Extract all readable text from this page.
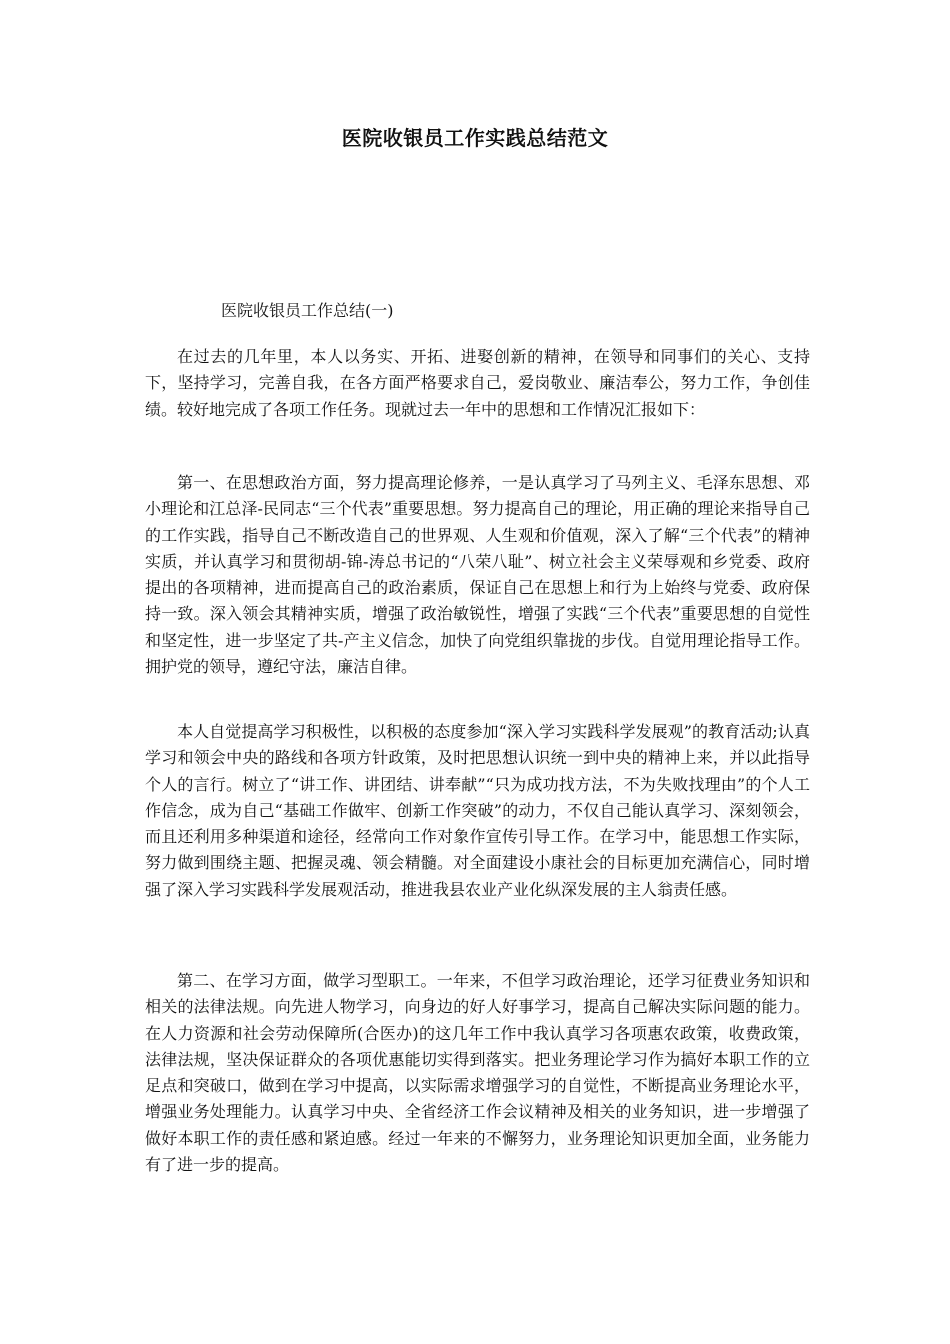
医院收银员工作实践总结范文

医院收银员工作总结(一)

在过去的几年里，本人以务实、开拓、进娶创新的精神，在领导和同事们的关心、支持下，坚持学习，完善自我，在各方面严格要求自己，爱岗敬业、廉洁奉公，努力工作，争创佳绩。较好地完成了各项工作任务。现就过去一年中的思想和工作情况汇报如下：

第一、在思想政治方面，努力提高理论修养，一是认真学习了马列主义、毛泽东思想、邓小理论和江总泽-民同志“三个代表”重要思想。努力提高自己的理论，用正确的理论来指导自己的工作实践，指导自己不断改造自己的世界观、人生观和价值观，深入了解“三个代表”的精神实质，并认真学习和贯彻胡-锦-涛总书记的“八荣八耻”、树立社会主义荣辱观和乡党委、政府提出的各项精神，进而提高自己的政治素质，保证自己在思想上和行为上始终与党委、政府保持一致。深入领会其精神实质，增强了政治敏锐性，增强了实践“三个代表”重要思想的自觉性和坚定性，进一步坚定了共-产主义信念，加快了向党组织靠拢的步伐。自觉用理论指导工作。拥护党的领导，遵纪守法，廉洁自律。

本人自觉提高学习积极性，以积极的态度参加“深入学习实践科学发展观”的教育活动;认真学习和领会中央的路线和各项方针政策，及时把思想认识统一到中央的精神上来，并以此指导个人的言行。树立了“讲工作、讲团结、讲奉献”“只为成功找方法，不为失败找理由”的个人工作信念，成为自己“基础工作做牢、创新工作突破”的动力，不仅自己能认真学习、深刻领会，而且还利用多种渠道和途径，经常向工作对象作宣传引导工作。在学习中，能思想工作实际，努力做到围绕主题、把握灵魂、领会精髓。对全面建设小康社会的目标更加充满信心，同时增强了深入学习实践科学发展观活动，推进我县农业产业化纵深发展的主人翁责任感。

第二、在学习方面，做学习型职工。一年来，不但学习政治理论，还学习征费业务知识和相关的法律法规。向先进人物学习，向身边的好人好事学习，提高自己解决实际问题的能力。在人力资源和社会劳动保障所(合医办)的这几年工作中我认真学习各项惠农政策，收费政策，法律法规，坚决保证群众的各项优惠能切实得到落实。把业务理论学习作为搞好本职工作的立足点和突破口，做到在学习中提高，以实际需求增强学习的自觉性，不断提高业务理论水平，增强业务处理能力。认真学习中央、全省经济工作会议精神及相关的业务知识，进一步增强了做好本职工作的责任感和紧迫感。经过一年来的不懈努力，业务理论知识更加全面，业务能力有了进一步的提高。
